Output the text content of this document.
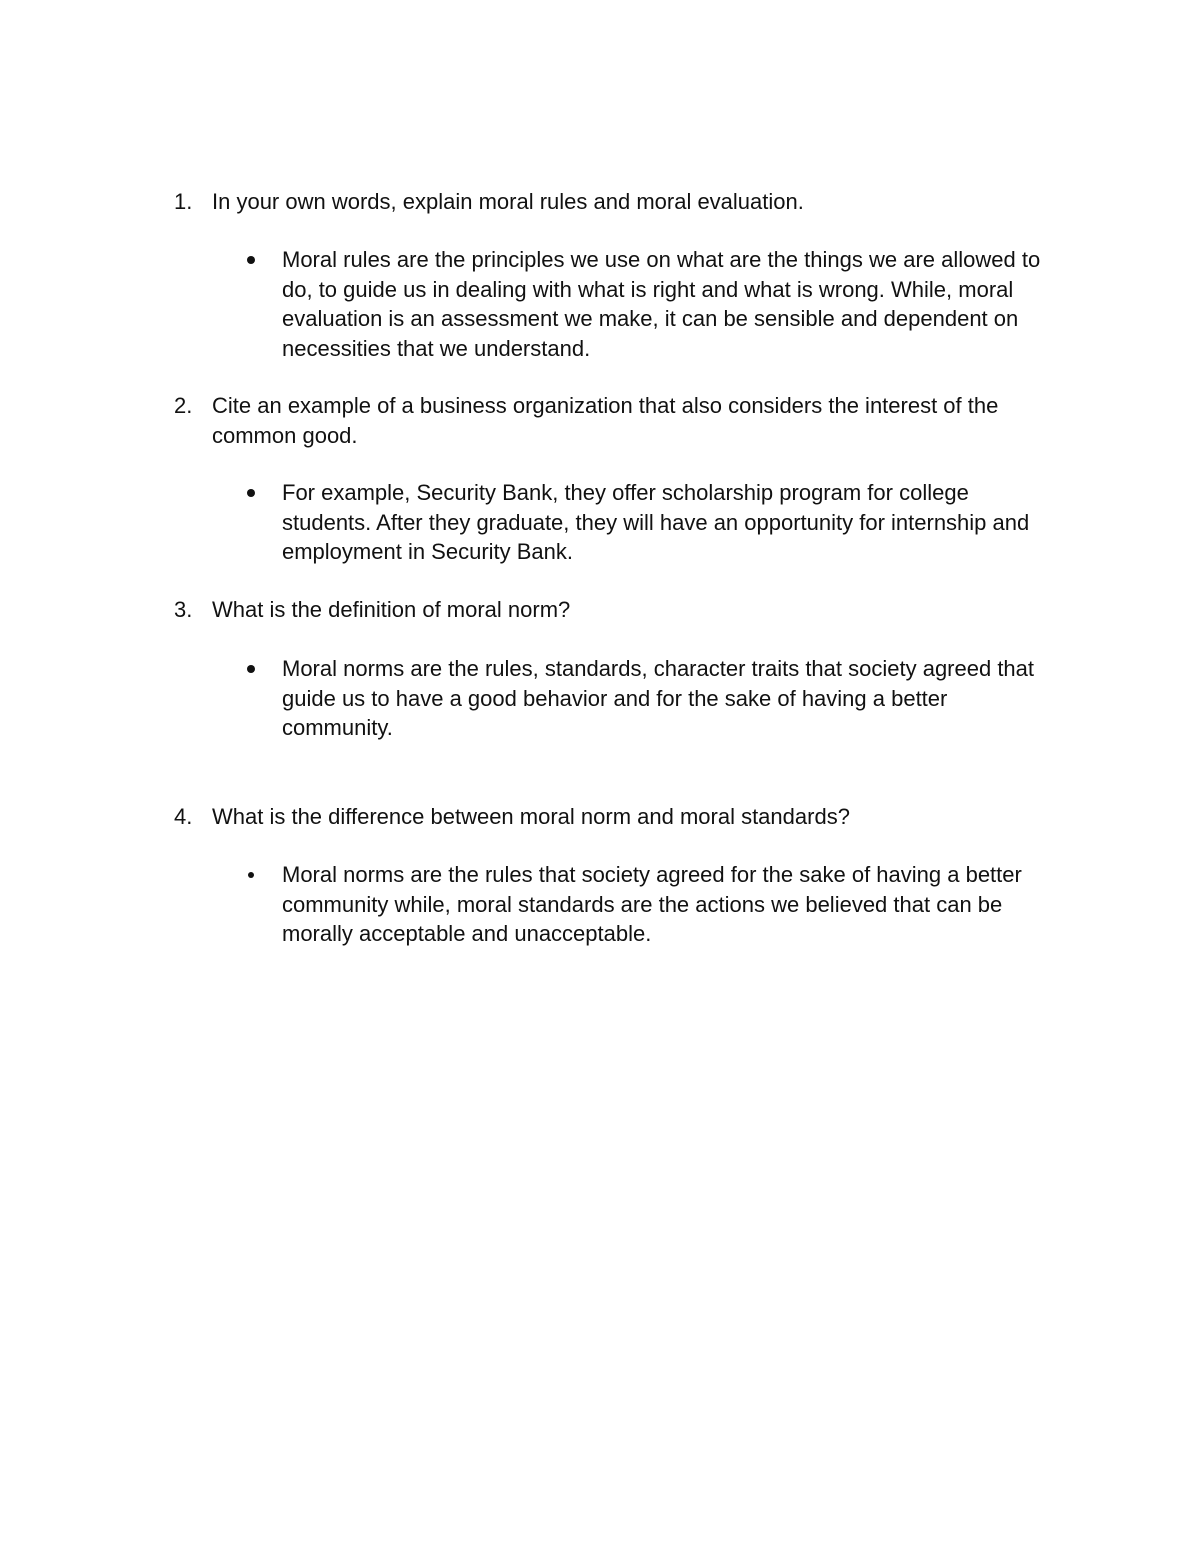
1. In your own words, explain moral rules and moral evaluation.
Moral rules are the principles we use on what are the things we are allowed to do, to guide us in dealing with what is right and what is wrong. While, moral evaluation is an assessment we make, it can be sensible and dependent on necessities that we understand.
2. Cite an example of a business organization that also considers the interest of the common good.
For example, Security Bank, they offer scholarship program for college students. After they graduate, they will have an opportunity for internship and employment in Security Bank.
3. What is the definition of moral norm?
Moral norms are the rules, standards, character traits that society agreed that guide us to have a good behavior and for the sake of having a better community.
4. What is the difference between moral norm and moral standards?
Moral norms are the rules that society agreed for the sake of having a better community while, moral standards are the actions we believed that can be morally acceptable and unacceptable.
